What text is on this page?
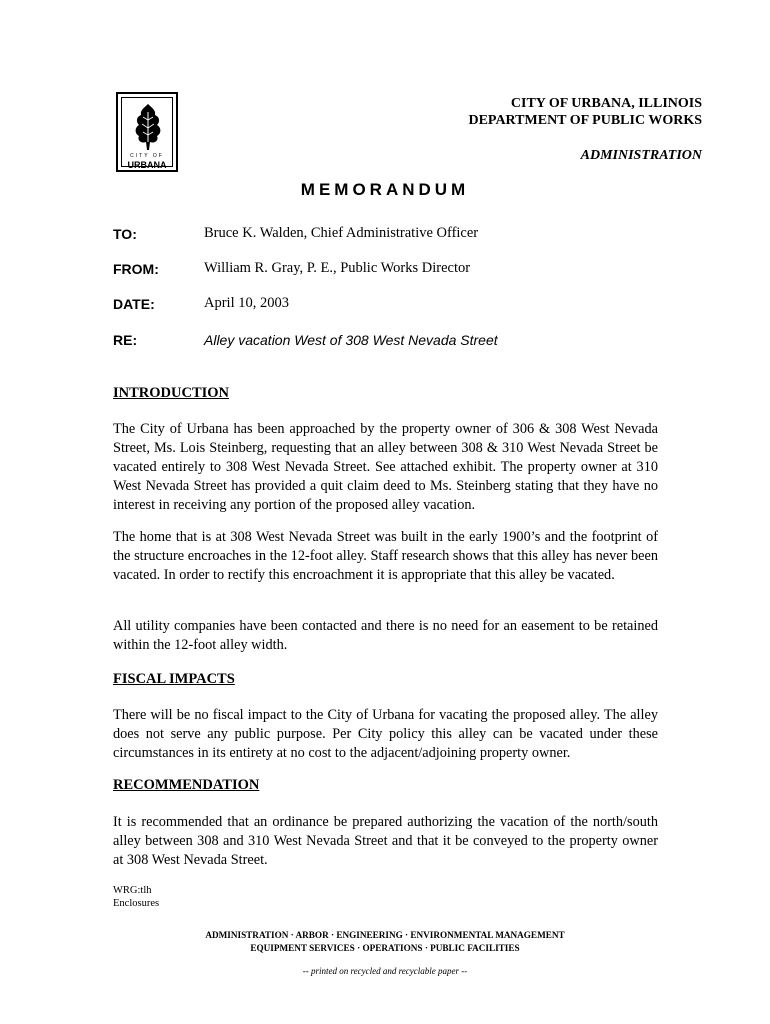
CITY OF
URBANA
CITY OF URBANA, ILLINOIS
DEPARTMENT OF PUBLIC WORKS
ADMINISTRATION
MEMORANDUM
TO:	Bruce K. Walden, Chief Administrative Officer
FROM:	William R. Gray, P. E., Public Works Director
DATE:	April 10, 2003
RE:	Alley vacation West of 308 West Nevada Street
INTRODUCTION
The City of Urbana has been approached by the property owner of 306 & 308 West Nevada Street, Ms. Lois Steinberg, requesting that an alley between 308 & 310 West Nevada Street be vacated entirely to 308 West Nevada Street. See attached exhibit. The property owner at 310 West Nevada Street has provided a quit claim deed to Ms. Steinberg stating that they have no interest in receiving any portion of the proposed alley vacation.
The home that is at 308 West Nevada Street was built in the early 1900’s and the footprint of the structure encroaches in the 12-foot alley. Staff research shows that this alley has never been vacated. In order to rectify this encroachment it is appropriate that this alley be vacated.
All utility companies have been contacted and there is no need for an easement to be retained within the 12-foot alley width.
FISCAL IMPACTS
There will be no fiscal impact to the City of Urbana for vacating the proposed alley. The alley does not serve any public purpose. Per City policy this alley can be vacated under these circumstances in its entirety at no cost to the adjacent/adjoining property owner.
RECOMMENDATION
It is recommended that an ordinance be prepared authorizing the vacation of the north/south alley between 308 and 310 West Nevada Street and that it be conveyed to the property owner at 308 West Nevada Street.
WRG:tlh
Enclosures
ADMINISTRATION · ARBOR · ENGINEERING · ENVIRONMENTAL MANAGEMENT
EQUIPMENT SERVICES · OPERATIONS · PUBLIC FACILITIES
-- printed on recycled and recyclable paper --
